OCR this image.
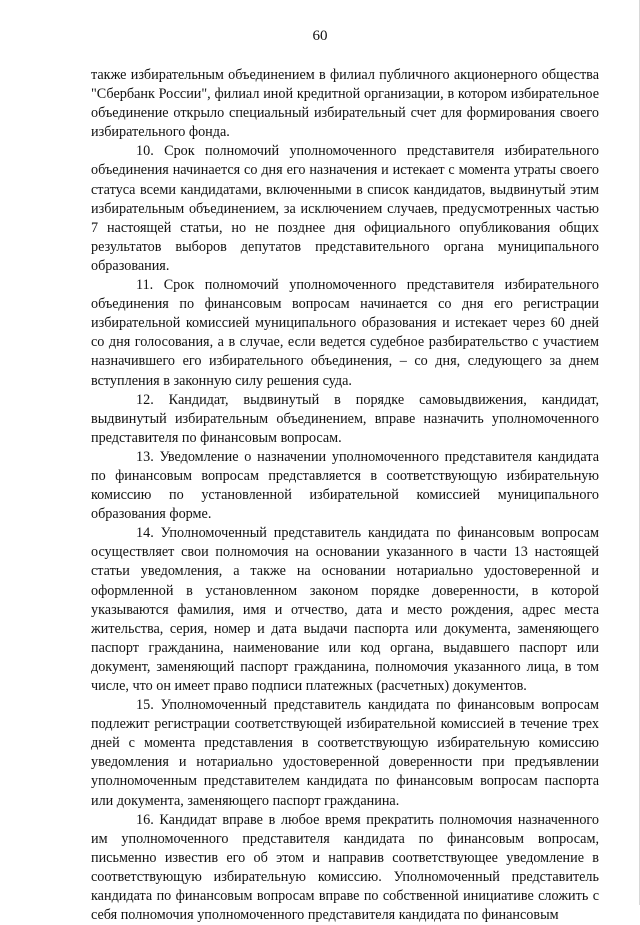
60

также избирательным объединением в филиал публичного акционерного общества "Сбербанк России", филиал иной кредитной организации, в котором избирательное объединение открыло специальный избирательный счет для формирования своего избирательного фонда.

10. Срок полномочий уполномоченного представителя избирательного объединения начинается со дня его назначения и истекает с момента утраты своего статуса всеми кандидатами, включенными в список кандидатов, выдвинутый этим избирательным объединением, за исключением случаев, предусмотренных частью 7 настоящей статьи, но не позднее дня официального опубликования общих результатов выборов депутатов представительного органа муниципального образования.

11. Срок полномочий уполномоченного представителя избирательного объединения по финансовым вопросам начинается со дня его регистрации избирательной комиссией муниципального образования и истекает через 60 дней со дня голосования, а в случае, если ведется судебное разбирательство с участием назначившего его избирательного объединения, – со дня, следующего за днем вступления в законную силу решения суда.

12. Кандидат, выдвинутый в порядке самовыдвижения, кандидат, выдвинутый избирательным объединением, вправе назначить уполномоченного представителя по финансовым вопросам.

13. Уведомление о назначении уполномоченного представителя кандидата по финансовым вопросам представляется в соответствующую избирательную комиссию по установленной избирательной комиссией муниципального образования форме.

14. Уполномоченный представитель кандидата по финансовым вопросам осуществляет свои полномочия на основании указанного в части 13 настоящей статьи уведомления, а также на основании нотариально удостоверенной и оформленной в установленном законом порядке доверенности, в которой указываются фамилия, имя и отчество, дата и место рождения, адрес места жительства, серия, номер и дата выдачи паспорта или документа, заменяющего паспорт гражданина, наименование или код органа, выдавшего паспорт или документ, заменяющий паспорт гражданина, полномочия указанного лица, в том числе, что он имеет право подписи платежных (расчетных) документов.

15. Уполномоченный представитель кандидата по финансовым вопросам подлежит регистрации соответствующей избирательной комиссией в течение трех дней с момента представления в соответствующую избирательную комиссию уведомления и нотариально удостоверенной доверенности при предъявлении уполномоченным представителем кандидата по финансовым вопросам паспорта или документа, заменяющего паспорт гражданина.

16. Кандидат вправе в любое время прекратить полномочия назначенного им уполномоченного представителя кандидата по финансовым вопросам, письменно известив его об этом и направив соответствующее уведомление в соответствующую избирательную комиссию. Уполномоченный представитель кандидата по финансовым вопросам вправе по собственной инициативе сложить с себя полномочия уполномоченного представителя кандидата по финансовым
